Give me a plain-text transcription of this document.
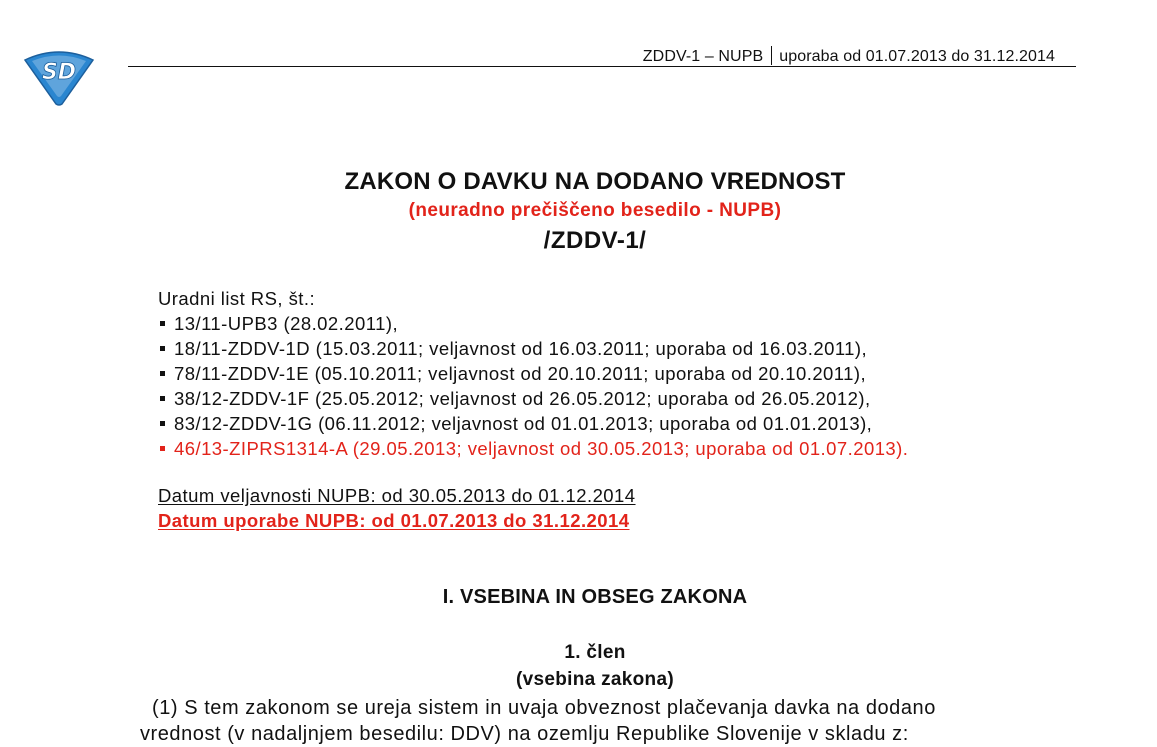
SD
ZDDV-1 – NUPB uporaba od 01.07.2013 do 31.12.2014
ZAKON O DAVKU NA DODANO VREDNOST
(neuradno prečiščeno besedilo - NUPB)
/ZDDV-1/
Uradni list RS, št.:
13/11-UPB3 (28.02.2011),
18/11-ZDDV-1D (15.03.2011; veljavnost od 16.03.2011; uporaba od 16.03.2011),
78/11-ZDDV-1E (05.10.2011; veljavnost od 20.10.2011; uporaba od 20.10.2011),
38/12-ZDDV-1F (25.05.2012; veljavnost od 26.05.2012; uporaba od 26.05.2012),
83/12-ZDDV-1G (06.11.2012; veljavnost od 01.01.2013; uporaba od 01.01.2013),
46/13-ZIPRS1314-A (29.05.2013; veljavnost od 30.05.2013; uporaba od 01.07.2013).
Datum veljavnosti NUPB: od 30.05.2013 do 01.12.2014
Datum uporabe NUPB: od 01.07.2013 do 31.12.2014
I. VSEBINA IN OBSEG ZAKONA
1. člen
(vsebina zakona)
(1) S tem zakonom se ureja sistem in uvaja obveznost plačevanja davka na dodano
vrednost (v nadaljnjem besedilu: DDV) na ozemlju Republike Slovenije v skladu z:
